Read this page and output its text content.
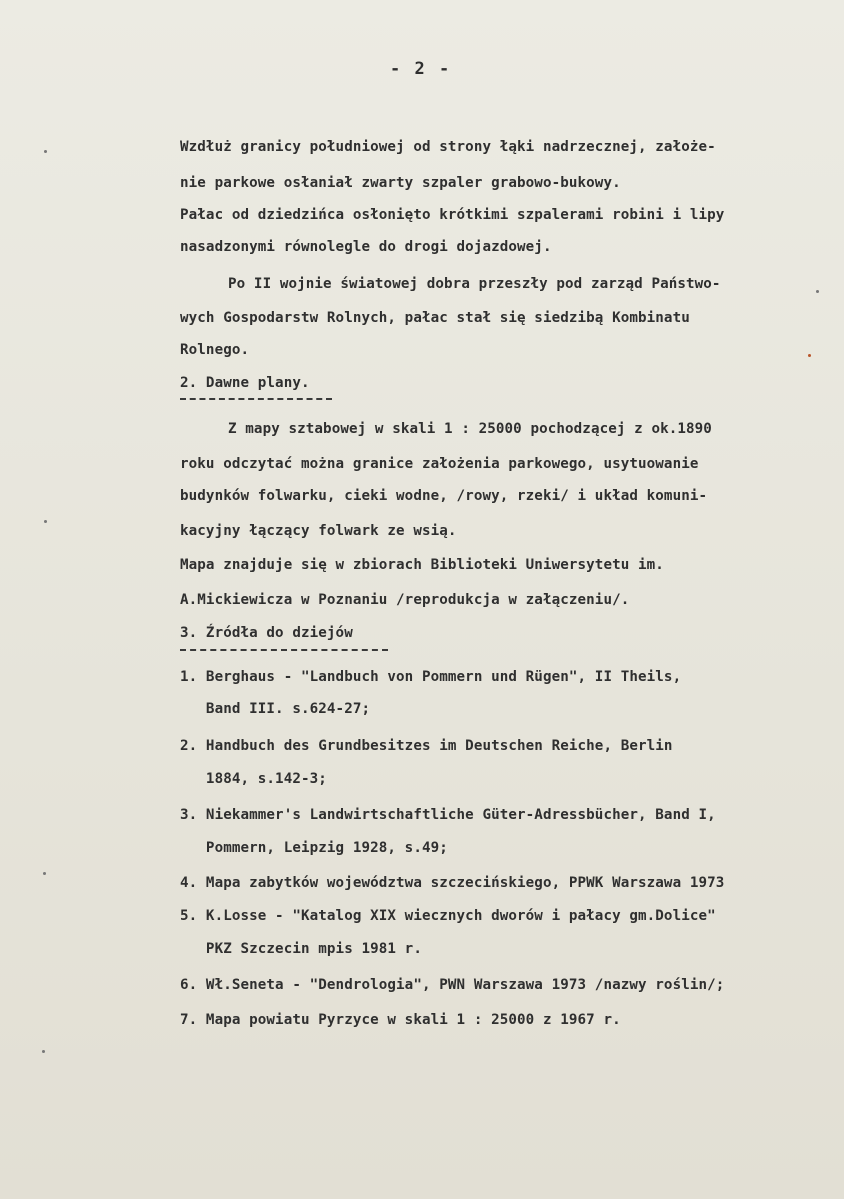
- 2 -
Wzdłuż granicy południowej od strony łąki nadrzecznej, założe-
nie parkowe osłaniał zwarty szpaler grabowo-bukowy.
Pałac od dziedzińca osłonięto krótkimi szpalerami robini i lipy
nasadzonymi równolegle do drogi dojazdowej.
Po II wojnie światowej dobra przeszły pod zarząd Państwo-
wych Gospodarstw Rolnych, pałac stał się siedzibą Kombinatu
Rolnego.
2. Dawne plany.
Z mapy sztabowej w skali 1 : 25000 pochodzącej z ok.1890
roku odczytać można granice założenia parkowego, usytuowanie
budynków folwarku, cieki wodne, /rowy, rzeki/ i układ komuni-
kacyjny łączący folwark ze wsią.
Mapa znajduje się w zbiorach Biblioteki Uniwersytetu im.
A.Mickiewicza w Poznaniu /reprodukcja w załączeniu/.
3. Źródła do dziejów
1. Berghaus - "Landbuch von Pommern und Rügen", II Theils,
Band III. s.624-27;
2. Handbuch des Grundbesitzes im Deutschen Reiche, Berlin
1884, s.142-3;
3. Niekammer's Landwirtschaftliche Güter-Adressbücher, Band I,
Pommern, Leipzig 1928, s.49;
4. Mapa zabytków województwa szczecińskiego, PPWK Warszawa 1973
5. K.Losse - "Katalog XIX wiecznych dworów i pałacy gm.Dolice"
PKZ Szczecin mpis 1981 r.
6. Wł.Seneta - "Dendrologia", PWN Warszawa 1973 /nazwy roślin/;
7. Mapa powiatu Pyrzyce w skali 1 : 25000 z 1967 r.
